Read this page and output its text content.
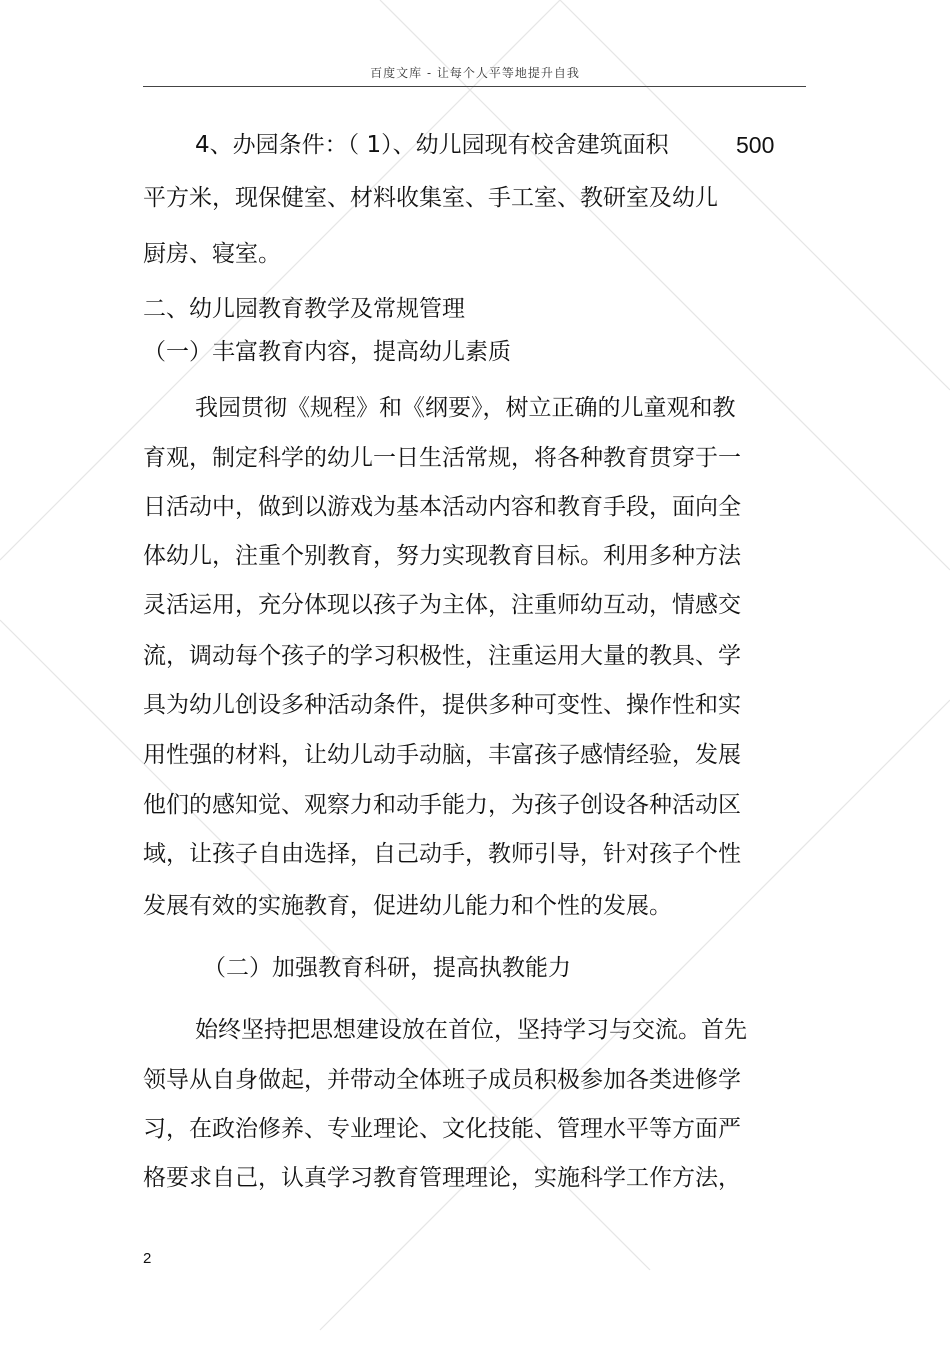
百度文库 - 让每个人平等地提升自我
4、办园条件：（ 1）、幼儿园现有校舍建筑面积	500
平方米，现保健室、材料收集室、手工室、教研室及幼儿
厨房、寝室。
二、幼儿园教育教学及常规管理
（一）丰富教育内容，提高幼儿素质
我园贯彻《规程》和《纲要》，树立正确的儿童观和教
育观，制定科学的幼儿一日生活常规，将各种教育贯穿于一
日活动中，做到以游戏为基本活动内容和教育手段，面向全
体幼儿，注重个别教育，努力实现教育目标。利用多种方法
灵活运用，充分体现以孩子为主体，注重师幼互动，情感交
流，调动每个孩子的学习积极性，注重运用大量的教具、学
具为幼儿创设多种活动条件，提供多种可变性、操作性和实
用性强的材料，让幼儿动手动脑，丰富孩子感情经验，发展
他们的感知觉、观察力和动手能力，为孩子创设各种活动区
域，让孩子自由选择，自己动手，教师引导，针对孩子个性
发展有效的实施教育，促进幼儿能力和个性的发展。
（二）加强教育科研，提高执教能力
始终坚持把思想建设放在首位，坚持学习与交流。首先
领导从自身做起，并带动全体班子成员积极参加各类进修学
习，在政治修养、专业理论、文化技能、管理水平等方面严
格要求自己，认真学习教育管理理论，实施科学工作方法，
2
